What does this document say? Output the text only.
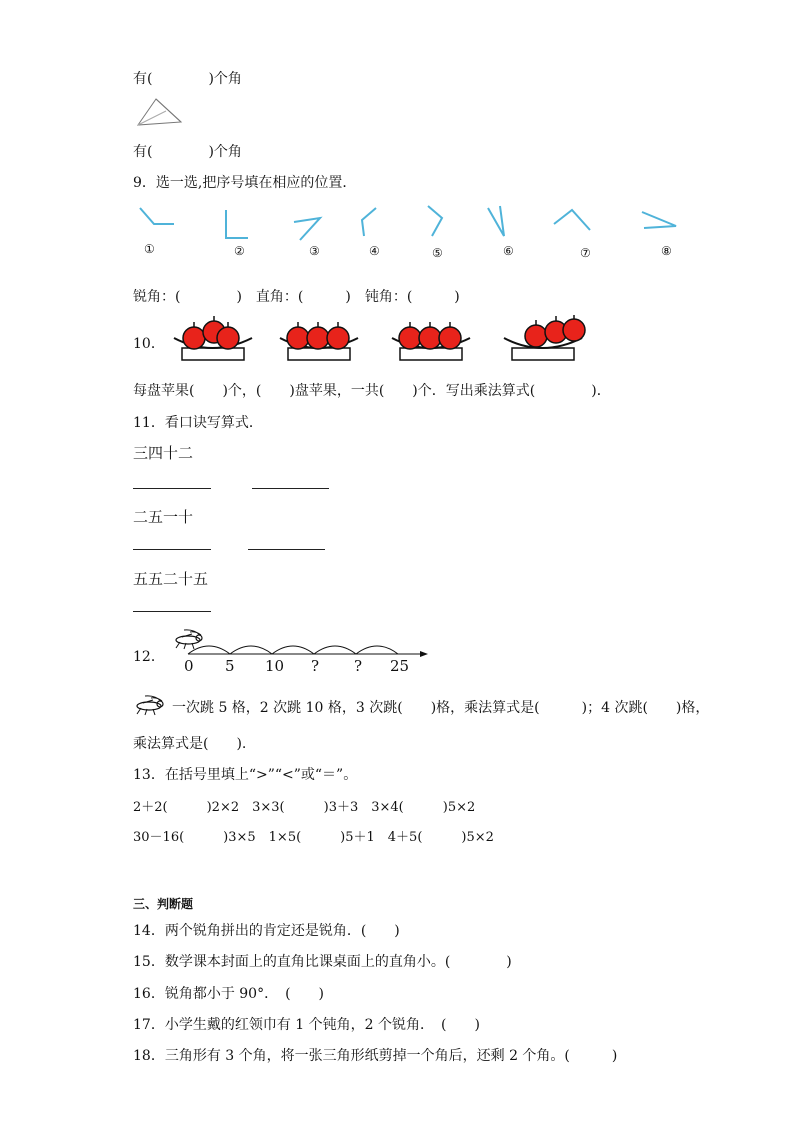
有(　　　　)个角
有(　　　　)个角
9．选一选,把序号填在相应的位置．
①	②	③	④	⑤	⑥	⑦	⑧
锐角：(　　　　)　直角：(　　　)　钝角：(　　　)
10．
每盘苹果(　　)个，(　　)盘苹果，一共(　　)个．写出乘法算式(　　　　)．
11．看口诀写算式．
三四十二
二五一十
五五二十五
12． 0 5 10 ? ? 25
一次跳 5 格，2 次跳 10 格，3 次跳(　　)格，乘法算式是(　　　)；4 次跳(　　)格，
乘法算式是(　　).
13．在括号里填上“>”“<”或“＝”。
2＋2(　　　)2×2　3×3(　　　)3＋3　3×4(　　　)5×2
30－16(　　　)3×5　1×5(　　　)5＋1　4＋5(　　　)5×2
三、判断题
14．两个锐角拼出的肯定还是锐角．(　　)
15．数学课本封面上的直角比课桌面上的直角小。(　　　　)
16．锐角都小于 90°．　(　　)
17．小学生戴的红领巾有 1 个钝角，2 个锐角．　(　　)
18．三角形有 3 个角，将一张三角形纸剪掉一个角后，还剩 2 个角。(　　　)
